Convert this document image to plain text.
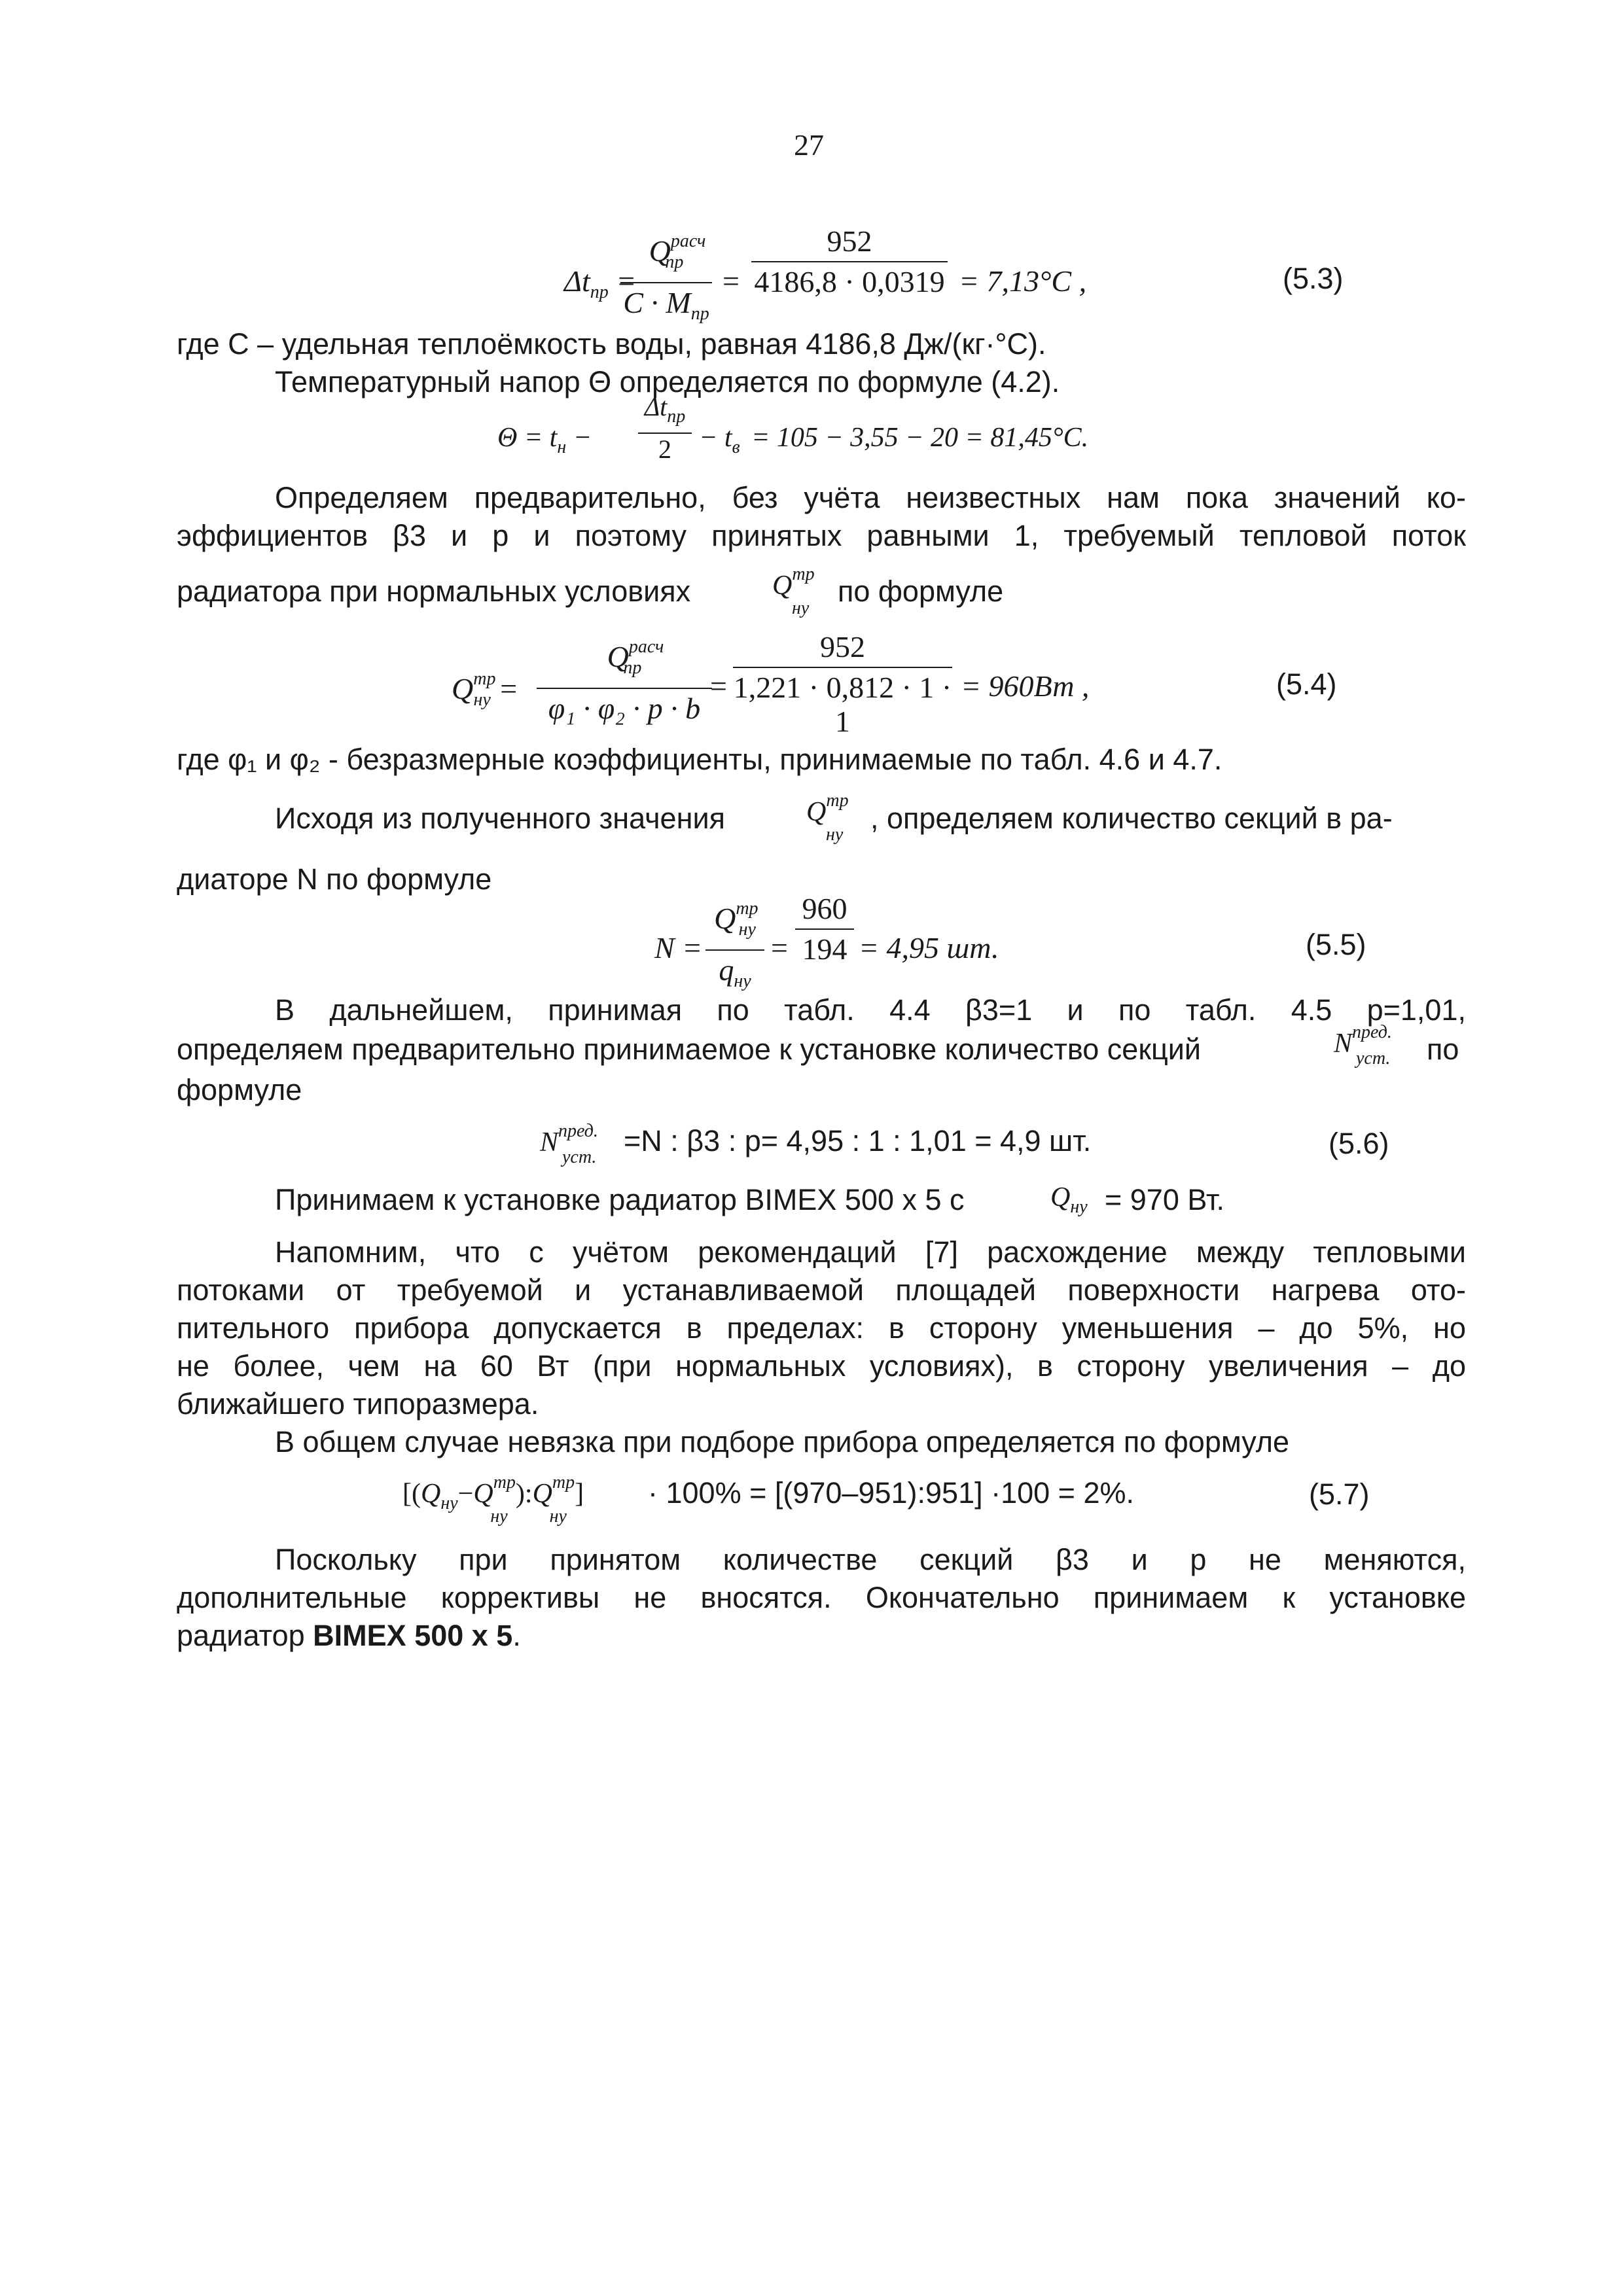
27
$\Delta t_{пр}$ =
$Q^{расч}_{пр}$
$C \cdot M_{пр}$
=
952
4186,8 · 0,0319 = 7,13°C ,	(5.3)
где С – удельная теплоёмкость воды, равная 4186,8 Дж/(кг·°С).
Температурный напор Θ определяется по формуле (4.2).
$\Theta = t_н$ −
$\Delta t_{пр}$
2	− $t_в = 105 - 3,55 - 20 = 81,45^\circ C$.
Определяем предварительно, без учёта неизвестных нам пока значений ко-
эффициентов β3 и p и поэтому принятых равными 1, требуемый тепловой поток
радиатора при нормальных условиях	$Q^{тр}$
ну
по формуле
$Q^{тр}_{ну}$ =
$Q^{расч}_{пр}$
φ₁ · φ₂ · p · b
=
952
1,221 · 0,812 · 1 · 1
= 960Вт ,	(5.4)
где φ₁ и φ₂ - безразмерные коэффициенты, принимаемые по табл. 4.6 и 4.7.
Исходя из полученного значения	$Q^{тр}$
ну , определяем количество секций в ра-
диаторе N по формуле
N =
$Q^{тр}_{ну}$
$q_{ну}$
=
960
194 = 4,95 шт.	(5.5)
В дальнейшем, принимая по табл. 4.4 β3=1 и по табл. 4.5 p=1,01,
определяем предварительно принимаемое к установке количество секций	$N^{пред.}$
уст. по
формуле
$N^{пред.}$
уст. =N : β3 : p= 4,95 : 1 : 1,01 = 4,9 шт.	(5.6)
Принимаем к установке радиатор BIMEX 500 х 5 с	$Q_{ну} = 970$ Вт.
Напомним, что с учётом рекомендаций [7] расхождение между тепловыми
потоками от требуемой и устанавливаемой площадей поверхности нагрева ото-
пительного прибора допускается в пределах: в сторону уменьшения – до 5%, но
не более, чем на 60 Вт (при нормальных условиях), в сторону увеличения – до
ближайшего типоразмера.
В общем случае невязка при подборе прибора определяется по формуле
[($Q_{ну}-Q^{тр}$
ну
)$:Q^{тр}$
ну
] · 100% = [(970–951):951] ·100 = 2%.	(5.7)
Поскольку при принятом количестве секций β3 и p не меняются,
дополнительные коррективы не вносятся. Окончательно принимаем к установке
радиатор BIMEX 500 х 5.
